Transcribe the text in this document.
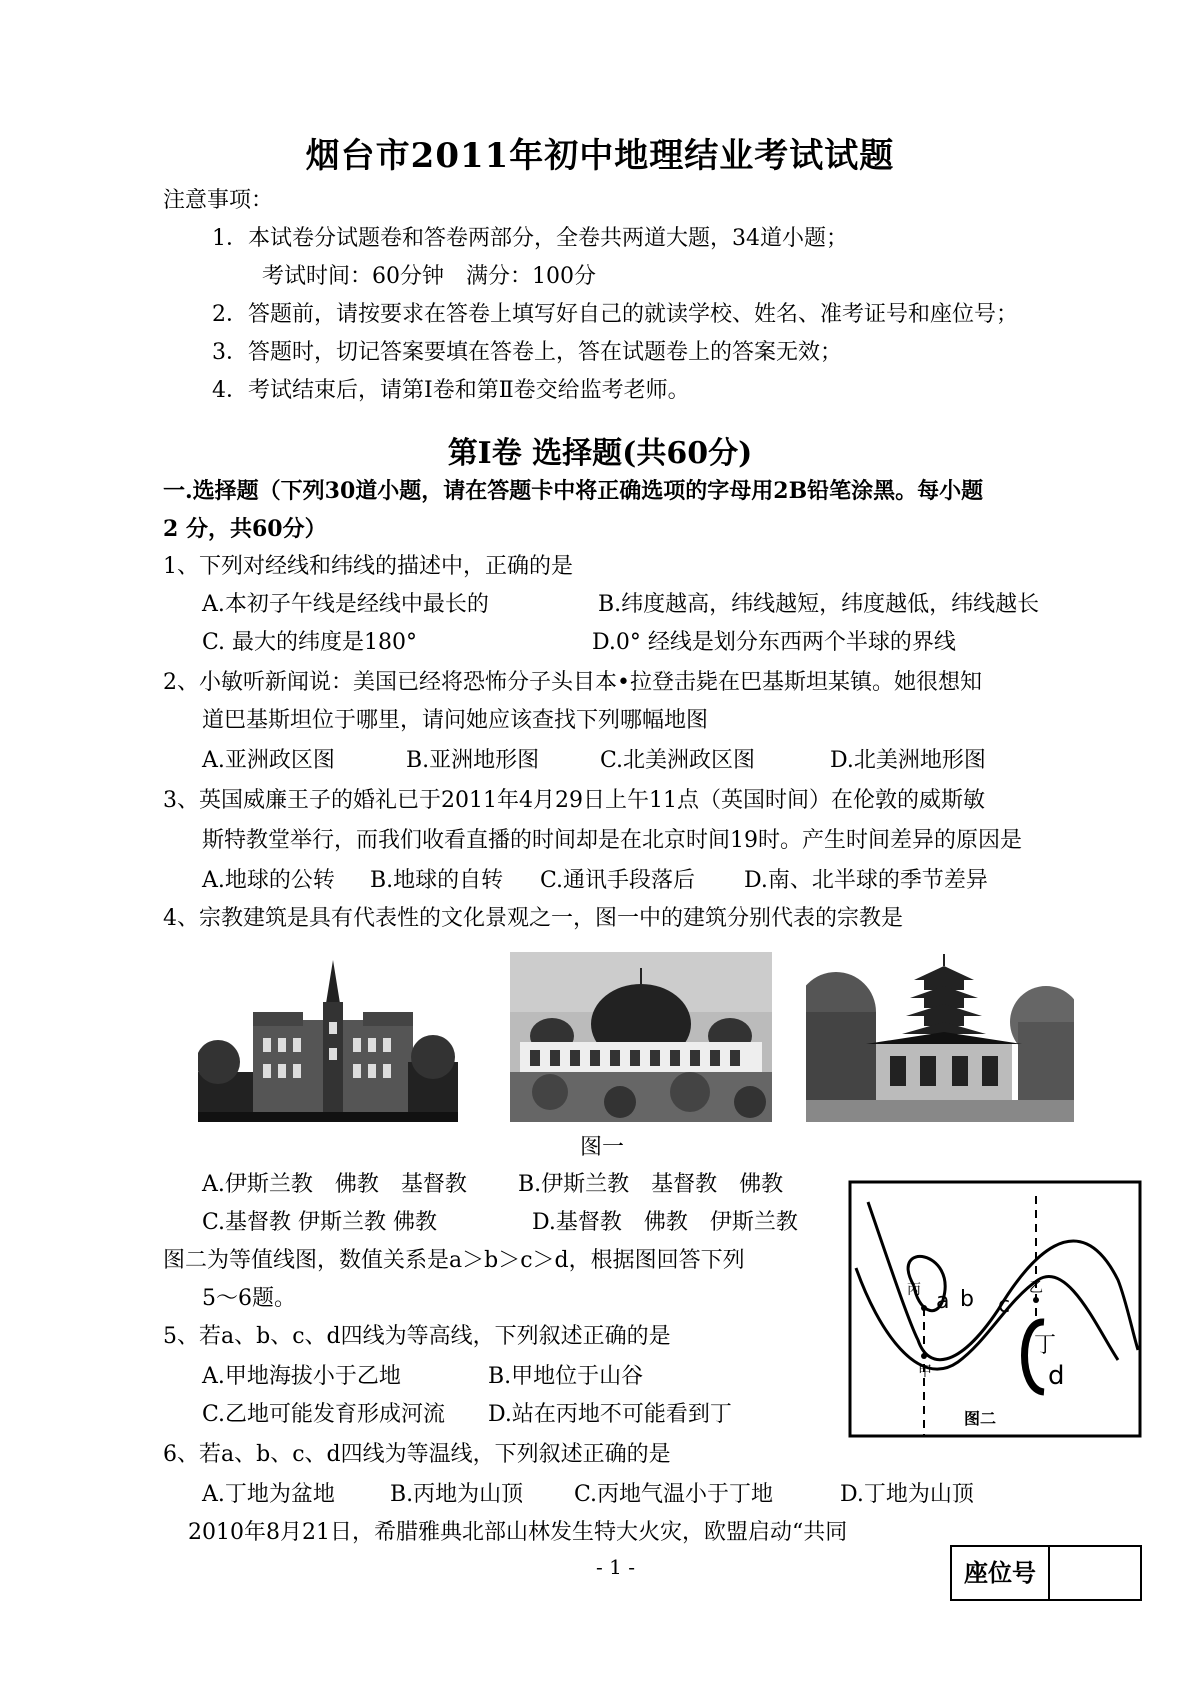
烟台市2011年初中地理结业考试试题
注意事项：
1．本试卷分试题卷和答卷两部分，全卷共两道大题，34道小题；
考试时间：60分钟　满分：100分
2．答题前，请按要求在答卷上填写好自己的就读学校、姓名、准考证号和座位号；
3．答题时，切记答案要填在答卷上，答在试题卷上的答案无效；
4．考试结束后，请第Ⅰ卷和第Ⅱ卷交给监考老师。
第Ⅰ卷 选择题(共60分)
一.选择题（下列30道小题，请在答题卡中将正确选项的字母用2B铅笔涂黑。每小题
2 分，共60分）
1、下列对经线和纬线的描述中，正确的是
A.本初子午线是经线中最长的	B.纬度越高，纬线越短，纬度越低，纬线越长
C. 最大的纬度是180°	D.0° 经线是划分东西两个半球的界线
2、小敏听新闻说：美国已经将恐怖分子头目本•拉登击毙在巴基斯坦某镇。她很想知
道巴基斯坦位于哪里，请问她应该查找下列哪幅地图
A.亚洲政区图	B.亚洲地形图	C.北美洲政区图	D.北美洲地形图
3、英国威廉王子的婚礼已于2011年4月29日上午11点（英国时间）在伦敦的威斯敏
斯特教堂举行，而我们收看直播的时间却是在北京时间19时。产生时间差异的原因是
A.地球的公转 B.地球的自转 C.通讯手段落后 D.南、北半球的季节差异
4、宗教建筑是具有代表性的文化景观之一，图一中的建筑分别代表的宗教是
图一
A.伊斯兰教　佛教　基督教 B.伊斯兰教　基督教　佛教
C.基督教 伊斯兰教 佛教	D.基督教　佛教　伊斯兰教
图二为等值线图，数值关系是a＞b＞c＞d，根据图回答下列
5～6题。
5、若a、b、c、d四线为等高线，下列叙述正确的是
A.甲地海拔小于乙地	B.甲地位于山谷
C.乙地可能发育形成河流 D.站在丙地不可能看到丁
6、若a、b、c、d四线为等温线，下列叙述正确的是
A.丁地为盆地	B.丙地为山顶 C.丙地气温小于丁地	D.丁地为山顶
2010年8月21日，希腊雅典北部山林发生特大火灾，欧盟启动“共同
丙 a b c
甲
乙
丁
d
图二
- 1 -	座位号
